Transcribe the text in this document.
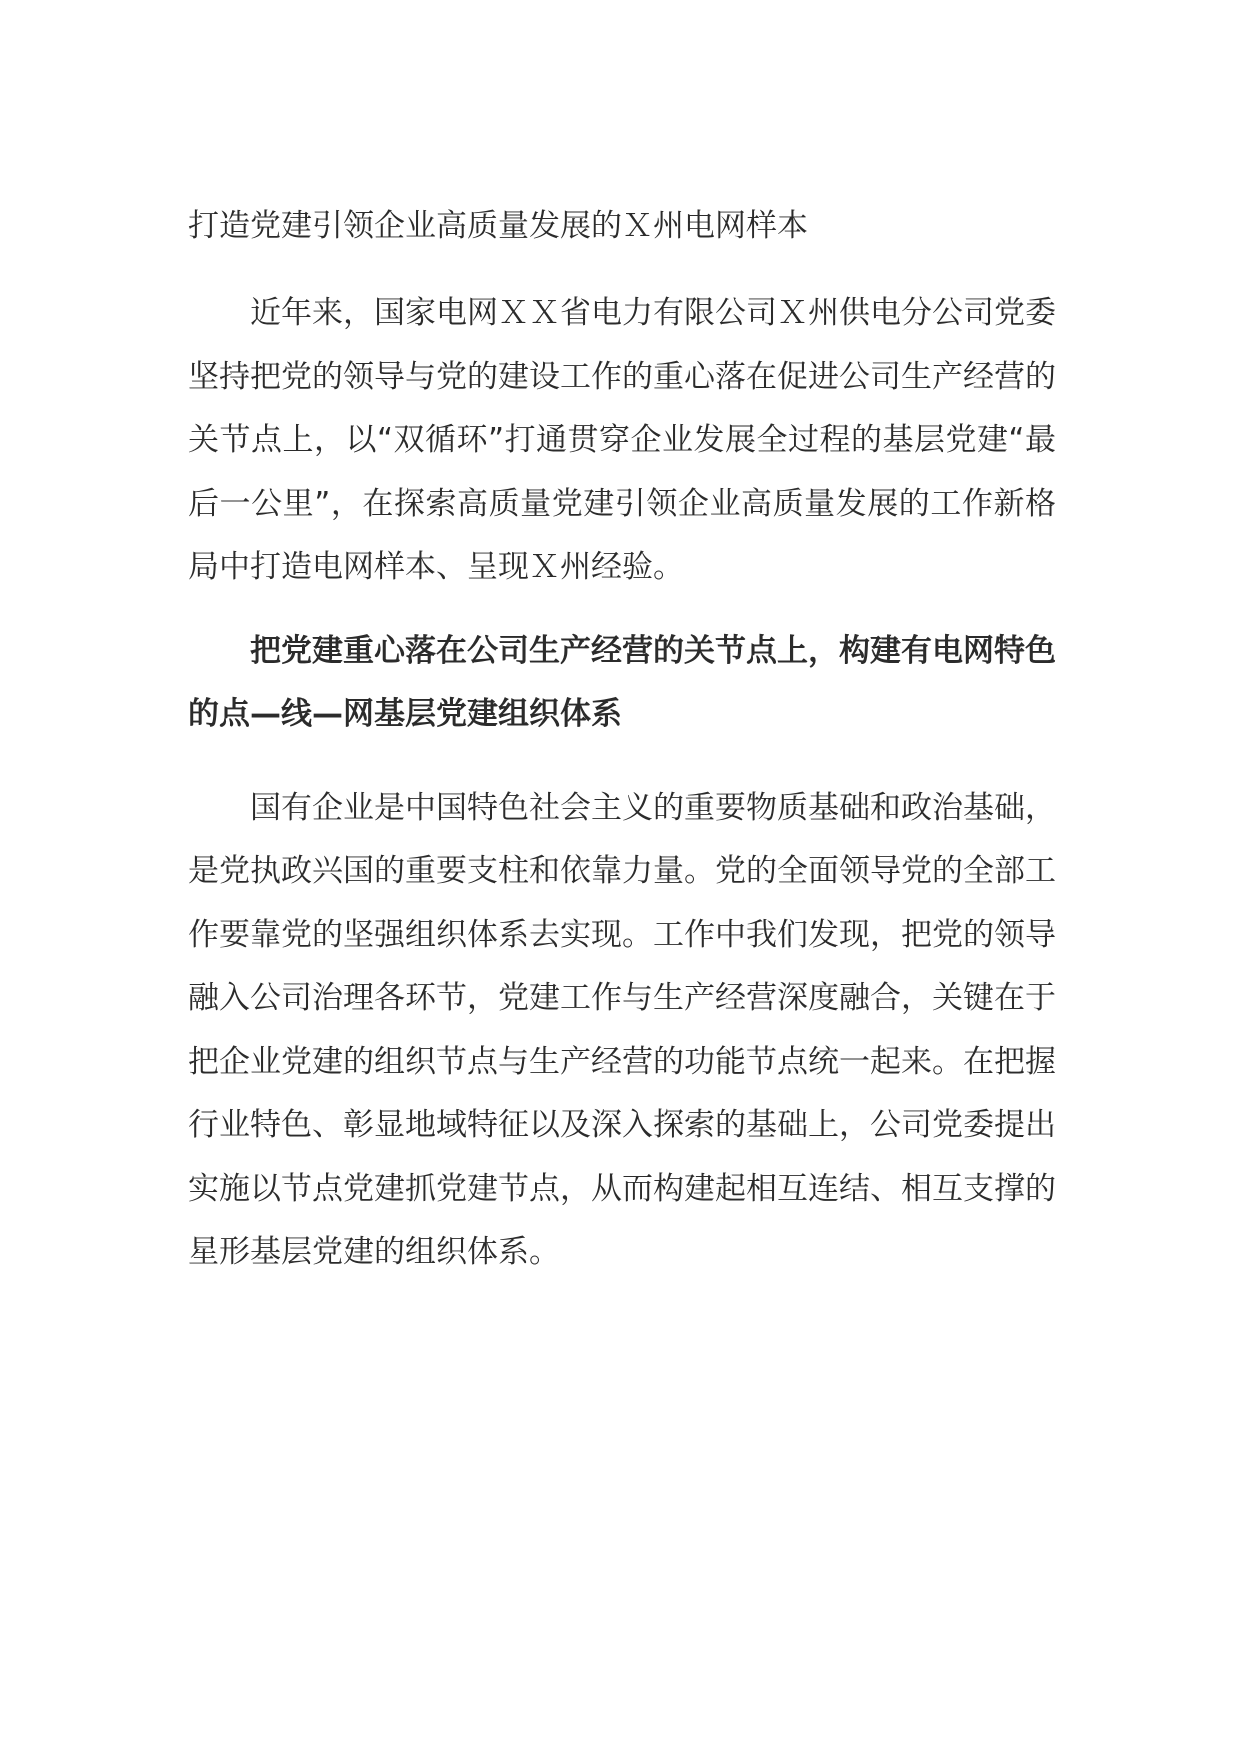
打造党建引领企业高质量发展的Ｘ州电网样本

近年来，国家电网ＸＸ省电力有限公司Ｘ州供电分公司党委坚持把党的领导与党的建设工作的重心落在促进公司生产经营的关节点上，以“双循环”打通贯穿企业发展全过程的基层党建“最后一公里”，在探索高质量党建引领企业高质量发展的工作新格局中打造电网样本、呈现Ｘ州经验。

把党建重心落在公司生产经营的关节点上，构建有电网特色的点—线—网基层党建组织体系

国有企业是中国特色社会主义的重要物质基础和政治基础，是党执政兴国的重要支柱和依靠力量。党的全面领导党的全部工作要靠党的坚强组织体系去实现。工作中我们发现，把党的领导融入公司治理各环节，党建工作与生产经营深度融合，关键在于把企业党建的组织节点与生产经营的功能节点统一起来。在把握行业特色、彰显地域特征以及深入探索的基础上，公司党委提出实施以节点党建抓党建节点，从而构建起相互连结、相互支撑的星形基层党建的组织体系。
